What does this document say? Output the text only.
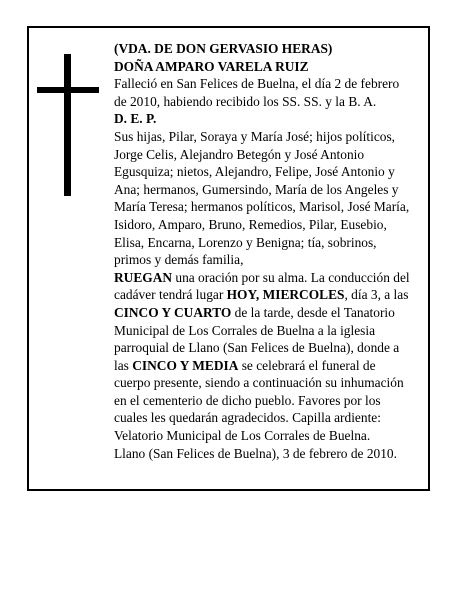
(VDA. DE DON GERVASIO HERAS)

DOÑA AMPARO VARELA RUIZ

Falleció en San Felices de Buelna, el día 2 de febrero de 2010, habiendo recibido los SS. SS. y la B. A.

D. E. P.

Sus hijas, Pilar, Soraya y María José; hijos políticos, Jorge Celis, Alejandro Betegón y José Antonio Egusquiza; nietos, Alejandro, Felipe, José Antonio y Ana; hermanos, Gumersindo, María de los Angeles y María Teresa; hermanos políticos, Marisol, José María, Isidoro, Amparo, Bruno, Remedios, Pilar, Eusebio, Elisa, Encarna, Lorenzo y Benigna; tía, sobrinos, primos y demás familia,

RUEGAN una oración por su alma. La conducción del cadáver tendrá lugar HOY, MIERCOLES, día 3, a las CINCO Y CUARTO de la tarde, desde el Tanatorio Municipal de Los Corrales de Buelna a la iglesia parroquial de Llano (San Felices de Buelna), donde a las CINCO Y MEDIA se celebrará el funeral de cuerpo presente, siendo a continuación su inhumación en el cementerio de dicho pueblo. Favores por los cuales les quedarán agradecidos. Capilla ardiente: Velatorio Municipal de Los Corrales de Buelna.

Llano (San Felices de Buelna), 3 de febrero de 2010.
